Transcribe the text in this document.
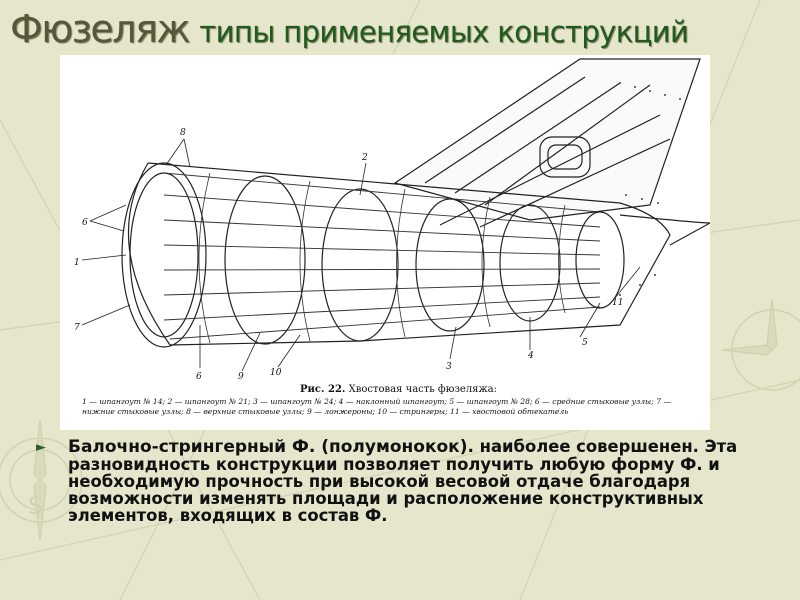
S
Фюзеляж типы применяемых конструкций
8
2
6
1
7
6	9	10
3
4
5
11
Рис. 22. Хвостовая часть фюзеляжа:
1 — шпангоут № 14; 2 — шпангоут № 21; 3 — шпангоут № 24; 4 — наклонный шпангоут; 5 — шпангоут № 28; 6 — средние стыковые узлы; 7 — нижние стыковые узлы; 8 — верхние стыковые узлы; 9 — лонжероны; 10 — стрингеры; 11 — хвостовой обтекатель
► Балочно-стрингерный Ф. (полумонокок). наиболее совершенен. Эта разновидность конструкции позволяет получить любую форму Ф. и необходимую прочность при высокой весовой отдаче благодаря возможности изменять площади и расположение конструктивных элементов, входящих в состав Ф.
